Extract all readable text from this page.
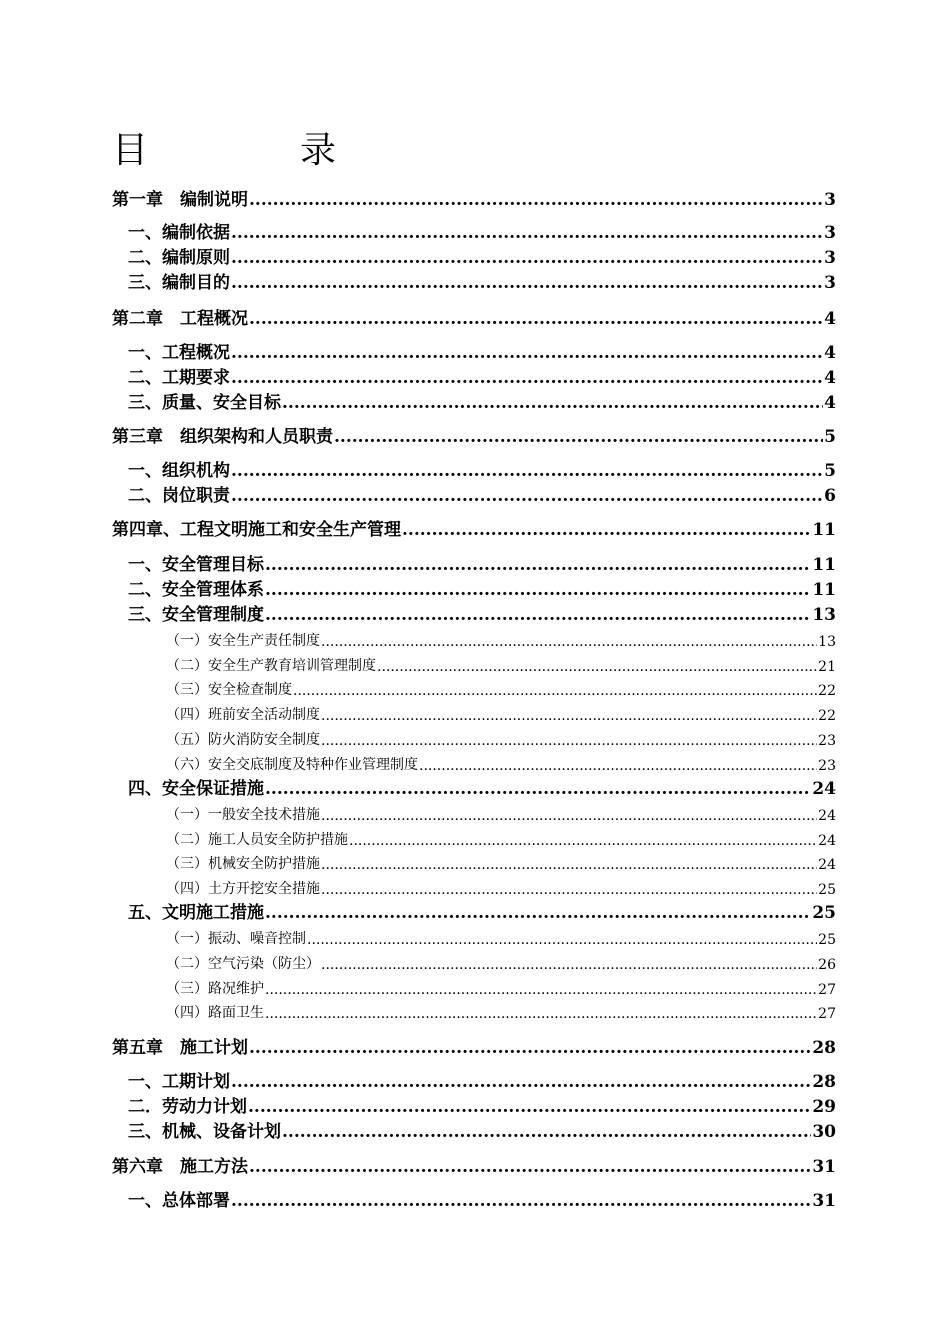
目　录
第一章　编制说明 .....	3
一、编制依据 .....	3
二、编制原则 .....	3
三、编制目的 .....	3
第二章　工程概况 .....	4
一、工程概况 .....	4
二、工期要求 .....	4
三、质量、安全目标 .....	4
第三章　组织架构和人员职责 .....	5
一、组织机构 .....	5
二、岗位职责 .....	6
第四章、工程文明施工和安全生产管理 .....	11
一、安全管理目标 .....	11
二、安全管理体系 .....	11
三、安全管理制度 .....	13
（一）安全生产责任制度 .....	13
（二）安全生产教育培训管理制度 .....	21
（三）安全检查制度 .....	22
（四）班前安全活动制度 .....	22
（五）防火消防安全制度 .....	23
（六）安全交底制度及特种作业管理制度 .....	23
四、安全保证措施 .....	24
（一）一般安全技术措施 .....	24
（二）施工人员安全防护措施 .....	24
（三）机械安全防护措施 .....	24
（四）土方开挖安全措施 .....	25
五、文明施工措施 .....	25
（一）振动、噪音控制 .....	25
（二）空气污染（防尘） .....	26
（三）路况维护 .....	27
（四）路面卫生 .....	27
第五章　施工计划 .....	28
一、工期计划 .....	28
二．劳动力计划 .....	29
三、机械、设备计划 .....	30
第六章　施工方法 .....	31
一、总体部署 .....	31
